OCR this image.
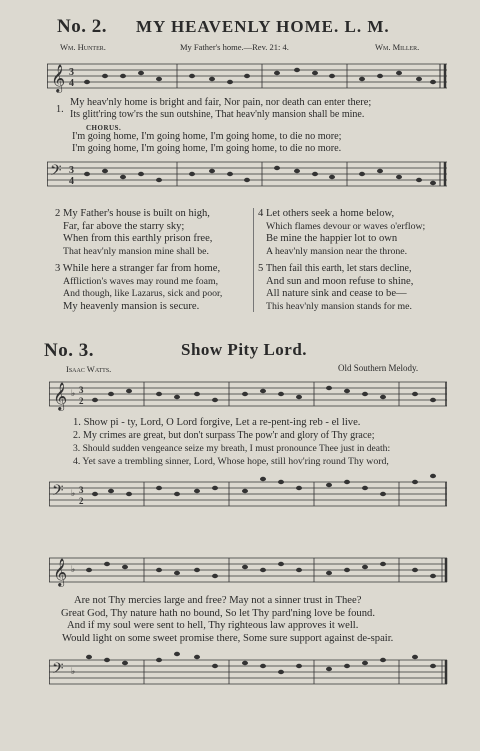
No. 2. MY HEAVENLY HOME. L. M.
Wm. Hunter.	My Father's home.—Rev. 21: 4.	Wm. Miller.
𝄞 3
4
1.
My heav'nly home is bright and fair, Nor pain, nor death can enter there;
Its glitt'ring tow'rs the sun outshine, That heav'nly mansion shall be mine.
CHORUS.
I'm going home, I'm going home, I'm going home, to die no more;
I'm going home, I'm going home, I'm going home, to die no more.
𝄢 3
4
2 My Father's house is built on high,
Far, far above the starry sky;
When from this earthly prison free,
That heav'nly mansion mine shall be.
3 While here a stranger far from home,
Affliction's waves may round me foam,
And though, like Lazarus, sick and poor,
My heavenly mansion is secure.
4 Let others seek a home below,
Which flames devour or waves o'erflow;
Be mine the happier lot to own
A heav'nly mansion near the throne.
5 Then fail this earth, let stars decline,
And sun and moon refuse to shine,
All nature sink and cease to be—
This heav'nly mansion stands for me.
No. 3.	Show Pity Lord.
Isaac Watts.	Old Southern Melody.
𝄞 ♭ 3
2
1. Show pi - ty, Lord, O Lord forgive, Let a re-pent-ing reb - el live.
2. My crimes are great, but don't surpass The pow'r and glory of Thy grace;
3. Should sudden vengeance seize my breath, I must pronounce Thee just in death:
4. Yet save a trembling sinner, Lord, Whose hope, still hov'ring round Thy word,
𝄢 ♭ 3
2
𝄞 ♭
Are not Thy mercies large and free? May not a sinner trust in Thee?
Great God, Thy nature hath no bound, So let Thy pard'ning love be found.
And if my soul were sent to hell, Thy righteous law approves it well.
Would light on some sweet promise there, Some sure support against de-spair.
𝄢 ♭
